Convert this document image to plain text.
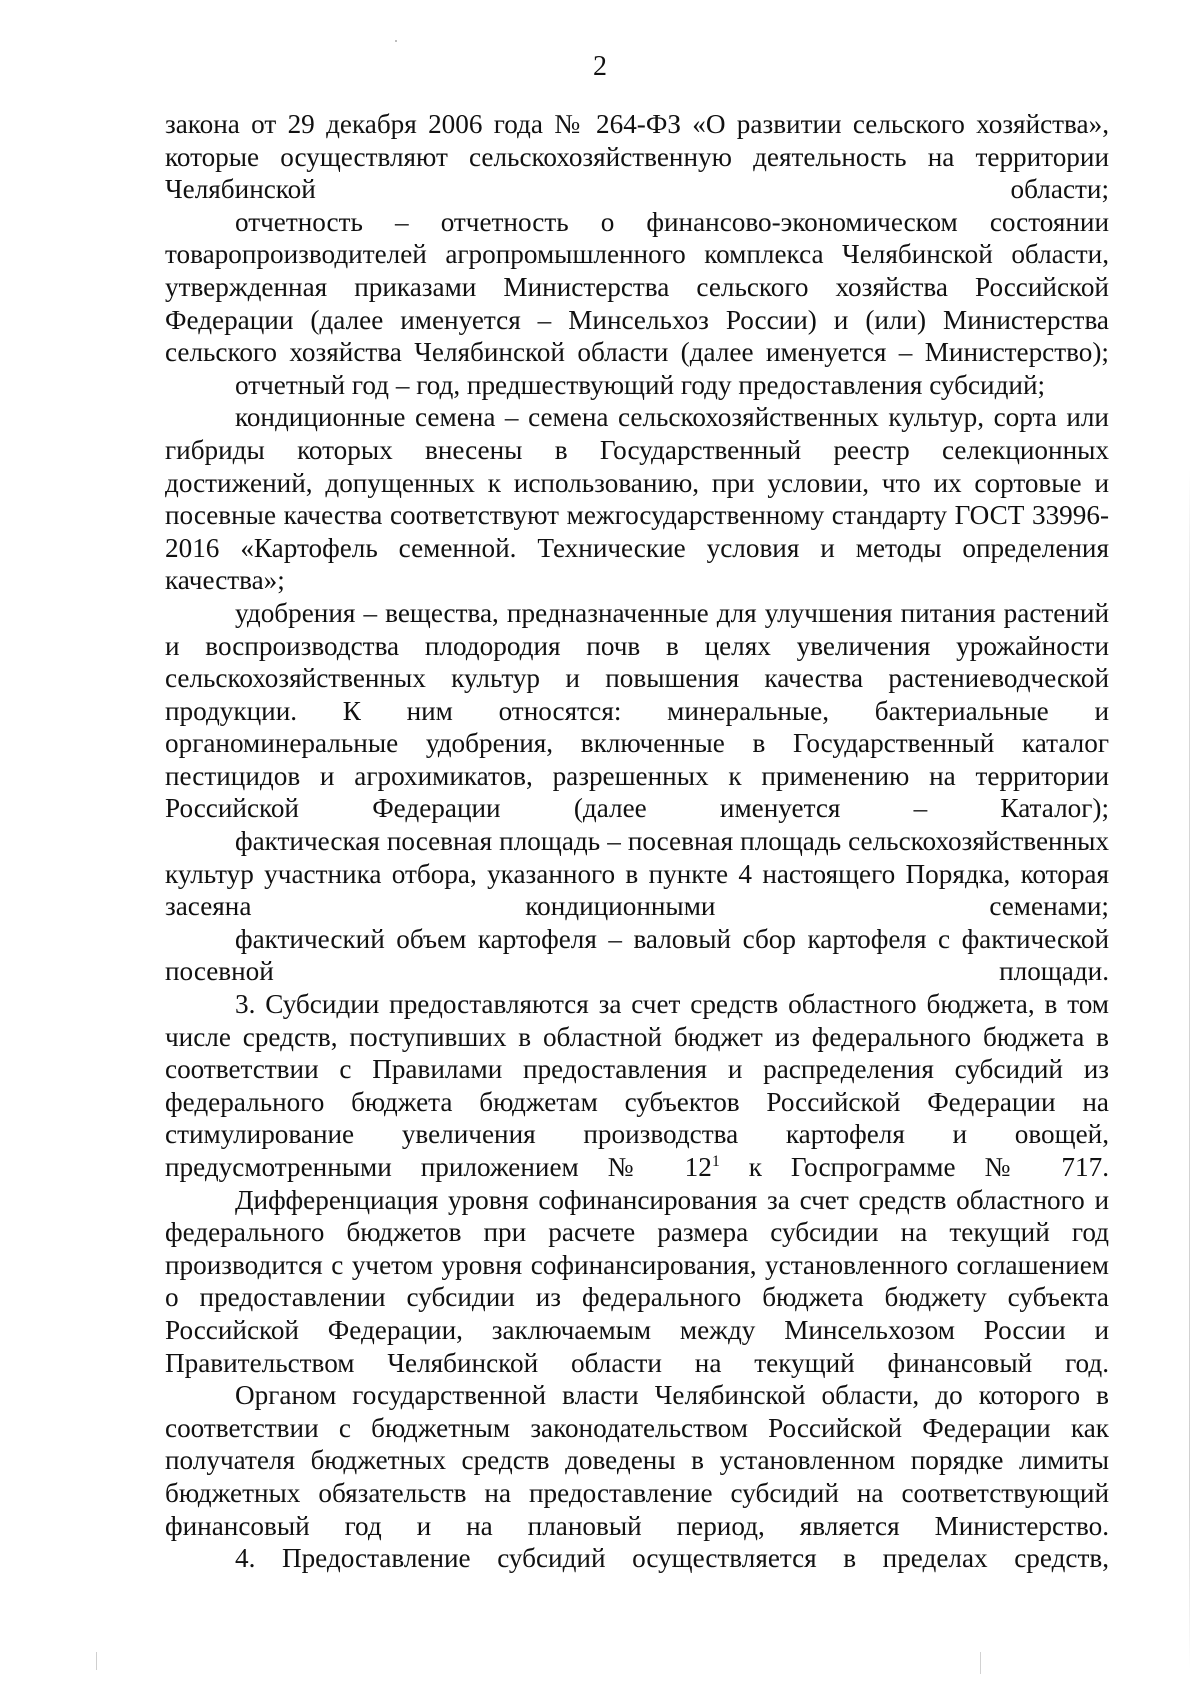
2

закона от 29 декабря 2006 года № 264-ФЗ «О развитии сельского хозяйства», которые осуществляют сельскохозяйственную деятельность на территории Челябинской области;

отчетность – отчетность о финансово-экономическом состоянии товаропроизводителей агропромышленного комплекса Челябинской области, утвержденная приказами Министерства сельского хозяйства Российской Федерации (далее именуется – Минсельхоз России) и (или) Министерства сельского хозяйства Челябинской области (далее именуется – Министерство);

отчетный год – год, предшествующий году предоставления субсидий;

кондиционные семена – семена сельскохозяйственных культур, сорта или гибриды которых внесены в Государственный реестр селекционных достижений, допущенных к использованию, при условии, что их сортовые и посевные качества соответствуют межгосударственному стандарту ГОСТ 33996-2016 «Картофель семенной. Технические условия и методы определения качества»;

удобрения – вещества, предназначенные для улучшения питания растений и воспроизводства плодородия почв в целях увеличения урожайности сельскохозяйственных культур и повышения качества растениеводческой продукции. К ним относятся: минеральные, бактериальные и органоминеральные удобрения, включенные в Государственный каталог пестицидов и агрохимикатов, разрешенных к применению на территории Российской Федерации (далее именуется – Каталог);

фактическая посевная площадь – посевная площадь сельскохозяйственных культур участника отбора, указанного в пункте 4 настоящего Порядка, которая засеяна кондиционными семенами;

фактический объем картофеля – валовый сбор картофеля с фактической посевной площади.

3. Субсидии предоставляются за счет средств областного бюджета, в том числе средств, поступивших в областной бюджет из федерального бюджета в соответствии с Правилами предоставления и распределения субсидий из федерального бюджета бюджетам субъектов Российской Федерации на стимулирование увеличения производства картофеля и овощей, предусмотренными приложением № $12^1$ к Госпрограмме № 717.

Дифференциация уровня софинансирования за счет средств областного и федерального бюджетов при расчете размера субсидии на текущий год производится с учетом уровня софинансирования, установленного соглашением о предоставлении субсидии из федерального бюджета бюджету субъекта Российской Федерации, заключаемым между Минсельхозом России и Правительством Челябинской области на текущий финансовый год.

Органом государственной власти Челябинской области, до которого в соответствии с бюджетным законодательством Российской Федерации как получателя бюджетных средств доведены в установленном порядке лимиты бюджетных обязательств на предоставление субсидий на соответствующий финансовый год и на плановый период, является Министерство.

4. Предоставление субсидий осуществляется в пределах средств,
